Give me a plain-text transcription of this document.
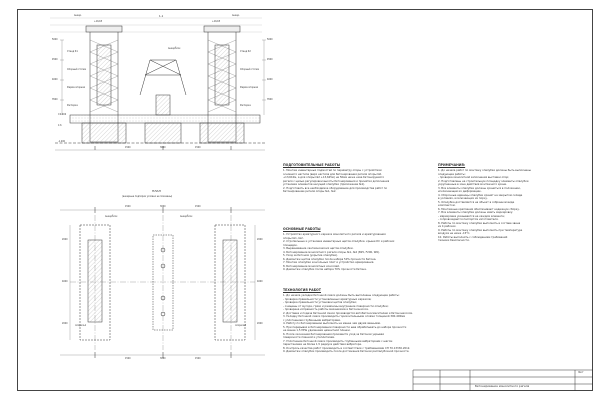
1-1
+16,65	+16,65
Анкер.	Анкер.
Анкерблок
Стенд К1
Опорный столик
Ферма опорная
Распорка
Стенд К2
Опорный столик
Ферма опорная
Распорка
5000
4500
4000
3500
5000
4500
4000
3500
1500	3000	1500
1:6
±0.000
-1.200
ПЛАН
(анкерные подпорки условно не показаны)
1500	3000	1500
Анкерблок	Анкерблок
опора №1	опора №2
2000
4000
2000
2000
4000
2000
1500	3000	1500
ПОДГОТОВИТЕЛЬНЫЕ РАБОТЫ
1. Монтаж инвентарных подмостей по периметру опоры с устройством
основного настила (верх настила для бетонирования ригеля опоры №1
+13,610м, а для опоры №2 +13,625м) на 50мм ниже низа бетонируемого
ригеля с целью регулировки высоты бетонирования и принятия дополнения
установки элементов несущей опалубки (приложение №1).
2. Подготовить все необходимое оборудование для производства работ по
бетонированию ригеля опоры №1, №2.
ОСНОВНЫЕ РАБОТЫ
1. Устройство арматурного каркаса монолитного ригеля и арматурования
опоры №1, №2.
2. Стропильные и установка инвентарных щитов опалубки. крыши КС и рабочих
площадок.
3. Выравнивание сантехнических щитов опалубки.
4. Бетонирование монолитного ригеля опоры №1, №2 (В25, F200, W6).
5. Уход за бетоном (укрытие опалубки).
6. Демонтаж щитов опалубки после набора 50% прочности бетона.
7. Монтаж опалубки консольных плит и устройство армирования.
8. Бетонирование монолитных консолей.
9. Демонтаж опалубки после набора 70% прочности бетона.
ТЕХНОЛОГИЯ РАБОТ
1. До начала укладки бетонной смеси должны быть выполнены следующие работы:
- проверка правильности установленных арматурных каркасов;
- проверка правильности установки щитов опалубки;
- очищены от мусора, грязи и ржавчины внутренние поверхности опалубки;
- проверена исправность работы механизмов и бетононасоса.
2. Доставка и подача бетонной смеси производится автобетоносмесителем и бетононасосом.
3. Укладку бетонной смеси производить горизонтальными слоями толщиной 300-400мм
с уплотнением глубинными вибраторами.
4. Работу по бетонированию выполнять не менее чем двумя звеньями.
5. При перерывах в бетонировании поверхности шва обрабатывать до набора прочности
не менее 1,5 МПа удалением цементной пленки.
6. После окончания бетонирования произвести уход за бетоном укрывая
поверхности пленкой и утеплителем.
7. Уплотнение бетонной смеси производить глубинными вибраторами с шагом
перестановки не более 1,5 радиуса действия вибратора.
8. Контроль качества работ производить в соответствии с требованиями СП 70.13330.2012.
9. Демонтаж опалубки производить после достижения бетоном распалубочной прочности.
ПРИМЕЧАНИЯ:
1. До начала работ по монтажу опалубки должны быть выполнены
следующие работы:
- проверка монолитной заполнения выставки опор;
2. Подготовлены на строительную площадку элементы опалубки
укрупненные в зоне действия монтажного крана.
3. Все элементы опалубки должны храниться в положении,
исключающем их деформацию.
4. Сборочные единицы опалубки хранят на закрытом складе
в условиях, исключающих их порчу.
5. Опалубка доставляется на объект в собранном виде
комплектом.
6. Монтажные крепления обеспечивают надежную сборку.
7. Все элементы опалубки должны иметь маркировку:
- маркировка указывается на каждом элементе;
- сопровождается паспортом изготовителя.
8. Работы по монтажу опалубки выполнять в составе звена
из 4 рабочих.
9. Работы по монтажу опалубки выполнять при температуре
воздуха не ниже -15°С.
10. Работы выполнять с соблюдением требований
техники безопасности.
Бетонирование монолитного ригеля
Лист
